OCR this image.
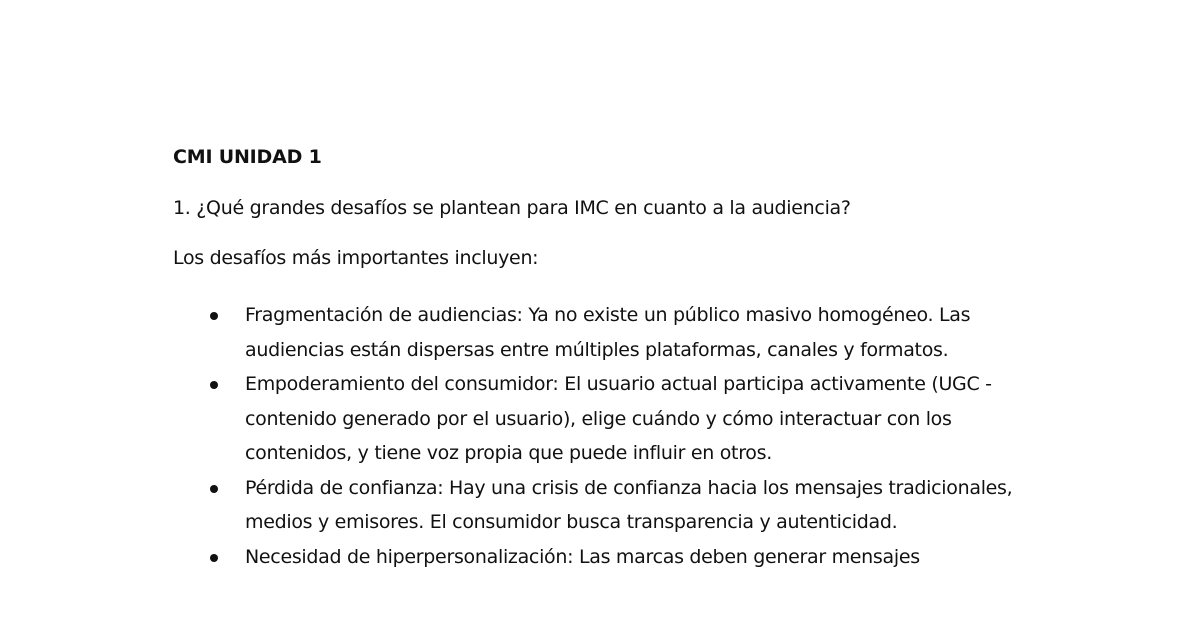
CMI UNIDAD 1

1. ¿Qué grandes desafíos se plantean para IMC en cuanto a la audiencia?

Los desafíos más importantes incluyen:

Fragmentación de audiencias: Ya no existe un público masivo homogéneo. Las audiencias están dispersas entre múltiples plataformas, canales y formatos.
Empoderamiento del consumidor: El usuario actual participa activamente (UGC - contenido generado por el usuario), elige cuándo y cómo interactuar con los contenidos, y tiene voz propia que puede influir en otros.
Pérdida de confianza: Hay una crisis de confianza hacia los mensajes tradicionales, medios y emisores. El consumidor busca transparencia y autenticidad.
Necesidad de hiperpersonalización: Las marcas deben generar mensajes
